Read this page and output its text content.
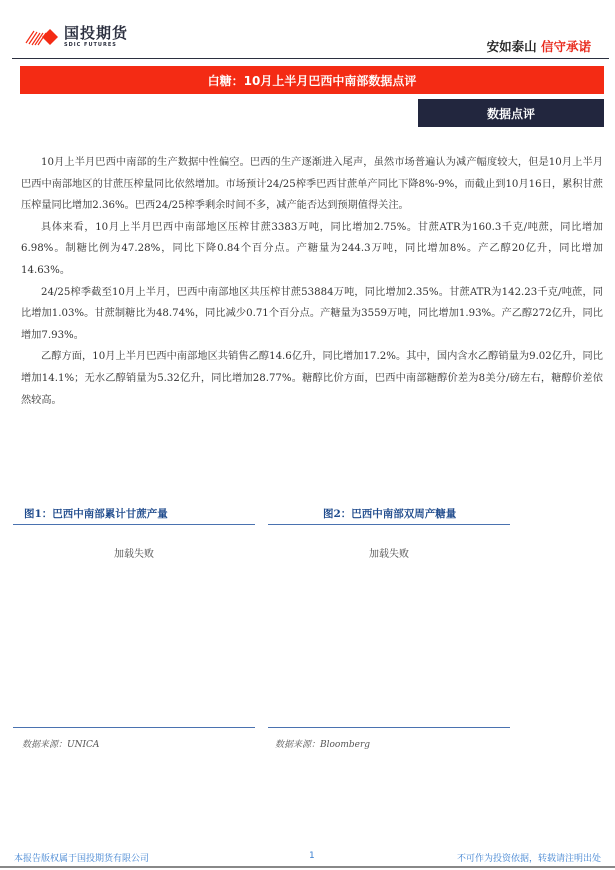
国投期货
SDIC FUTURES	安如泰山 信守承诺
白糖：10月上半月巴西中南部数据点评
数据点评

10月上半月巴西中南部的生产数据中性偏空。巴西的生产逐渐进入尾声，虽然市场普遍认为减产幅度较大，但是10月上半月巴西中南部地区的甘蔗压榨量同比依然增加。市场预计24/25榨季巴西甘蔗单产同比下降8%-9%，而截止到10月16日，累积甘蔗压榨量同比增加2.36%。巴西24/25榨季剩余时间不多，减产能否达到预期值得关注。

具体来看，10月上半月巴西中南部地区压榨甘蔗3383万吨，同比增加2.75%。甘蔗ATR为160.3千克/吨蔗，同比增加6.98%。制糖比例为47.28%，同比下降0.84个百分点。产糖量为244.3万吨，同比增加8%。产乙醇20亿升，同比增加14.63%。

24/25榨季截至10月上半月，巴西中南部地区共压榨甘蔗53884万吨，同比增加2.35%。甘蔗ATR为142.23千克/吨蔗，同比增加1.03%。甘蔗制糖比为48.74%，同比减少0.71个百分点。产糖量为3559万吨，同比增加1.93%。产乙醇272亿升，同比增加7.93%。

乙醇方面，10月上半月巴西中南部地区共销售乙醇14.6亿升，同比增加17.2%。其中，国内含水乙醇销量为9.02亿升，同比增加14.1%；无水乙醇销量为5.32亿升，同比增加28.77%。糖醇比价方面，巴西中南部糖醇价差为8美分/磅左右，糖醇价差依然较高。

图1：巴西中南部累计甘蔗产量
加载失败
数据来源：UNICA
图2：巴西中南部双周产糖量
加载失败
数据来源：Bloomberg
本报告版权属于国投期货有限公司	1	不可作为投资依据，转载请注明出处
